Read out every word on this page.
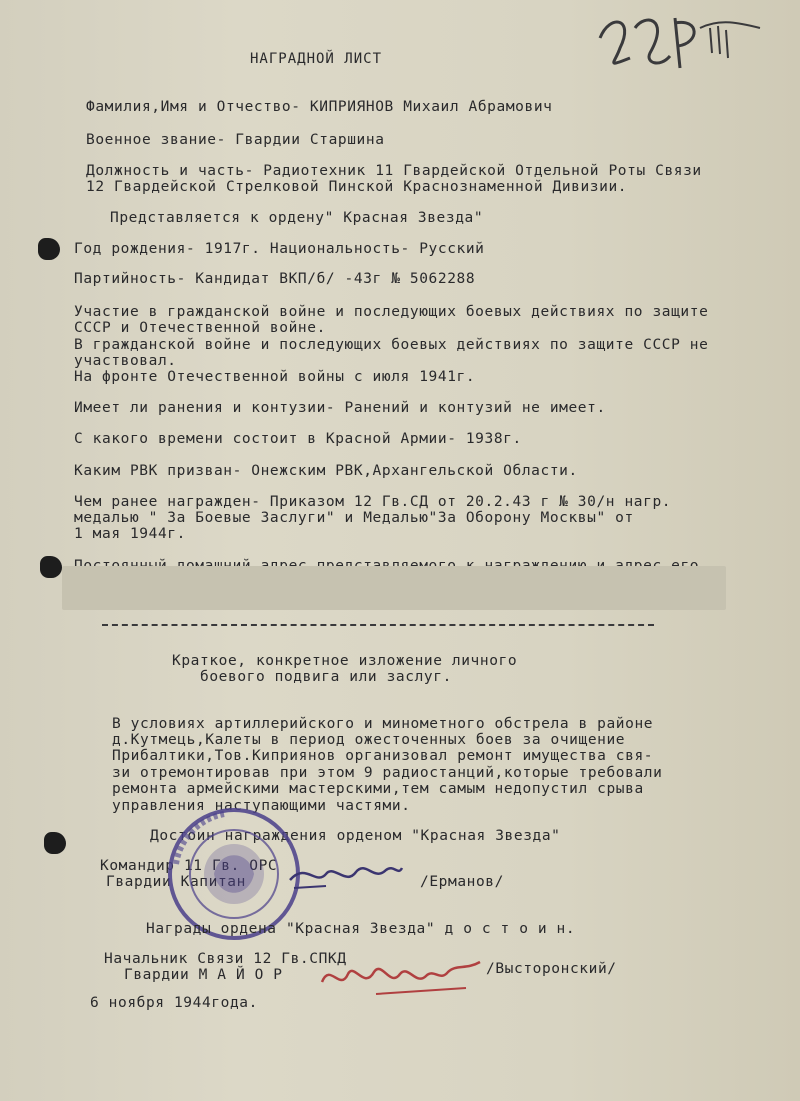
НАГРАДНОЙ ЛИСТ
Фамилия,Имя и Отчество- КИПРИЯНОВ Михаил Абрамович
Военное звание- Гвардии Старшина
Должность и часть- Радиотехник 11 Гвардейской Отдельной Роты Связи
12 Гвардейской Стрелковой Пинской Краснознаменной Дивизии.
Представляется к ордену" Красная Звезда"
Год рождения- 1917г. Национальность- Русский
Партийность- Кандидат ВКП/б/ -43г № 5062288
Участие в гражданской войне и последующих боевых действиях по защите
СССР и Отечественной войне.
В гражданской войне и последующих боевых действиях по защите СССР не
участвовал.
На фронте Отечественной войны с июля 1941г.
Имеет ли ранения и контузии- Ранений и контузий не имеет.
С какого времени состоит в Красной Армии- 1938г.
Каким РВК призван- Онежским РВК,Архангельской Области.
Чем ранее награжден- Приказом 12 Гв.СД от 20.2.43 г № 30/н нагр.
медалью " За Боевые Заслуги" и Медалью"За Оборону Москвы" от
1 мая 1944г.
Краткое, конкретное изложение личного
боевого подвига или заслуг.
В условиях артиллерийского и минометного обстрела в районе
д.Кутмець,Калеты в период ожесточенных боев за очищение
Прибалтики,Тов.Киприянов организовал ремонт имущества свя-
зи отремонтировав при этом 9 радиостанций,которые требовали
ремонта армейскими мастерскими,тем самым недопустил срыва
управления наступающими частями.
Достоин награждения орденом "Красная Звезда"
Командир 11 Гв. ОРС
Гвардии Капитан	/Ерманов/
Награды ордена "Красная Звезда" д о с т о и н.
Начальник Связи 12 Гв.СПКД
Гвардии М А Й О Р	/Высторонский/
6 ноября 1944года.
